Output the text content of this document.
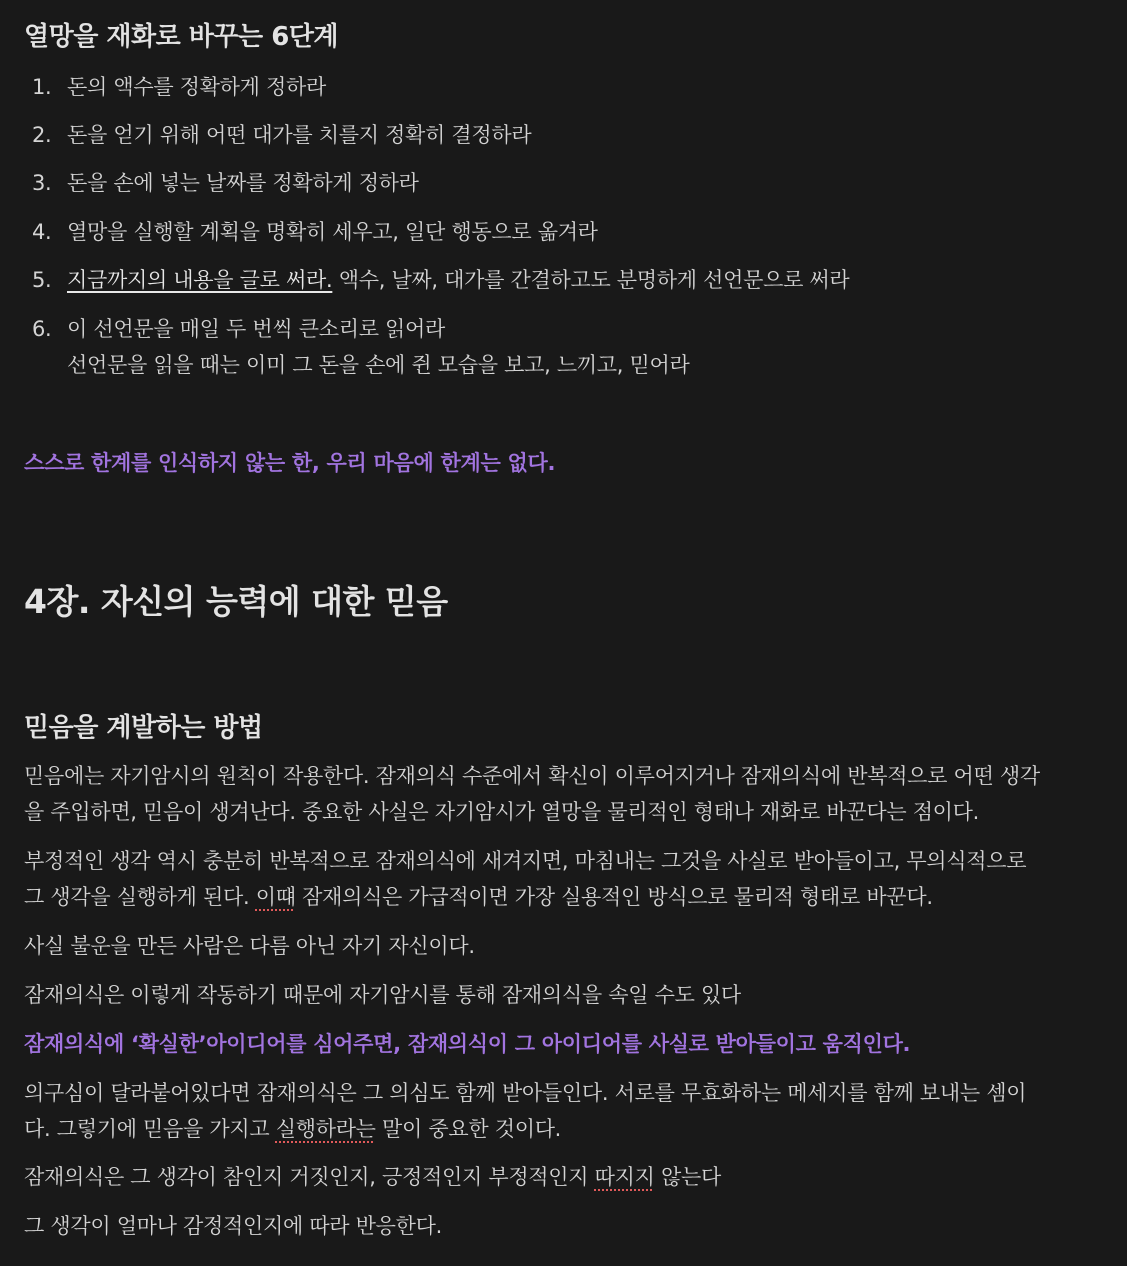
열망을 재화로 바꾸는 6단계
1. 돈의 액수를 정확하게 정하라
2. 돈을 얻기 위해 어떤 대가를 치를지 정확히 결정하라
3. 돈을 손에 넣는 날짜를 정확하게 정하라
4. 열망을 실행할 계획을 명확히 세우고, 일단 행동으로 옮겨라
5. 지금까지의 내용을 글로 써라. 액수, 날짜, 대가를 간결하고도 분명하게 선언문으로 써라
6. 이 선언문을 매일 두 번씩 큰소리로 읽어라
선언문을 읽을 때는 이미 그 돈을 손에 쥔 모습을 보고, 느끼고, 믿어라
스스로 한계를 인식하지 않는 한, 우리 마음에 한계는 없다.
4장. 자신의 능력에 대한 믿음
믿음을 계발하는 방법
믿음에는 자기암시의 원칙이 작용한다. 잠재의식 수준에서 확신이 이루어지거나 잠재의식에 반복적으로 어떤 생각
을 주입하면, 믿음이 생겨난다. 중요한 사실은 자기암시가 열망을 물리적인 형태나 재화로 바꾼다는 점이다.
부정적인 생각 역시 충분히 반복적으로 잠재의식에 새겨지면, 마침내는 그것을 사실로 받아들이고, 무의식적으로
그 생각을 실행하게 된다. 이떄 잠재의식은 가급적이면 가장 실용적인 방식으로 물리적 형태로 바꾼다.
사실 불운을 만든 사람은 다름 아닌 자기 자신이다.
잠재의식은 이렇게 작동하기 때문에 자기암시를 통해 잠재의식을 속일 수도 있다
잠재의식에 ‘확실한’아이디어를 심어주면, 잠재의식이 그 아이디어를 사실로 받아들이고 움직인다.
의구심이 달라붙어있다면 잠재의식은 그 의심도 함께 받아들인다. 서로를 무효화하는 메세지를 함께 보내는 셈이
다. 그렇기에 믿음을 가지고 실행하라는 말이 중요한 것이다.
잠재의식은 그 생각이 참인지 거짓인지, 긍정적인지 부정적인지 따지지 않는다
그 생각이 얼마나 감정적인지에 따라 반응한다.
